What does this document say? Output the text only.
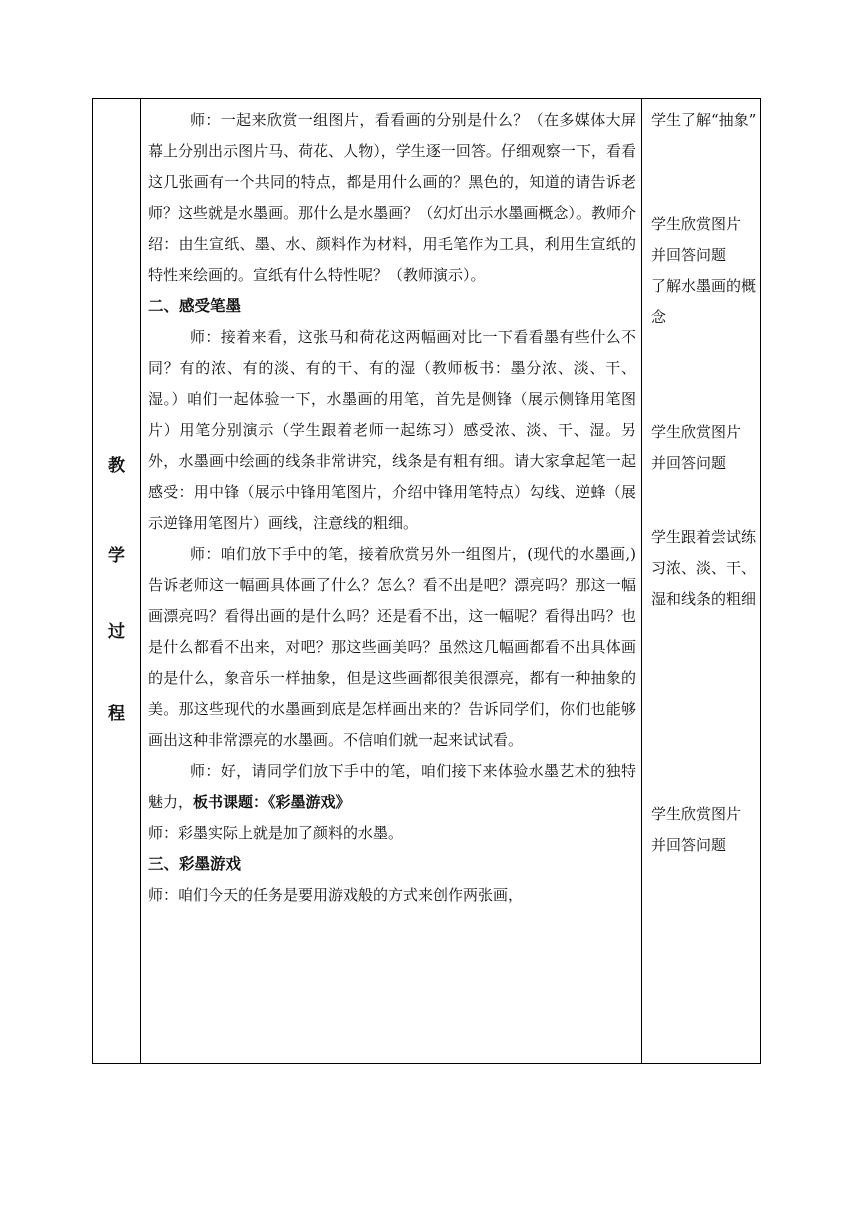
教
学
过
程

师：一起来欣赏一组图片，看看画的分别是什么？（在多媒体大屏幕上分别出示图片马、荷花、人物），学生逐一回答。仔细观察一下，看看这几张画有一个共同的特点，都是用什么画的？黑色的，知道的请告诉老师？这些就是水墨画。那什么是水墨画？（幻灯出示水墨画概念）。教师介绍：由生宣纸、墨、水、颜料作为材料，用毛笔作为工具，利用生宣纸的特性来绘画的。宣纸有什么特性呢？（教师演示）。

二、感受笔墨

师：接着来看，这张马和荷花这两幅画对比一下看看墨有些什么不同？有的浓、有的淡、有的干、有的湿（教师板书：墨分浓、淡、干、湿。）咱们一起体验一下，水墨画的用笔，首先是侧锋（展示侧锋用笔图片）用笔分别演示（学生跟着老师一起练习）感受浓、淡、干、湿。另外，水墨画中绘画的线条非常讲究，线条是有粗有细。请大家拿起笔一起感受：用中锋（展示中锋用笔图片，介绍中锋用笔特点）勾线、逆蜂（展示逆锋用笔图片）画线，注意线的粗细。

师：咱们放下手中的笔，接着欣赏另外一组图片，(现代的水墨画,)告诉老师这一幅画具体画了什么？怎么？看不出是吧？漂亮吗？那这一幅画漂亮吗？看得出画的是什么吗？还是看不出，这一幅呢？看得出吗？也是什么都看不出来，对吧？那这些画美吗？虽然这几幅画都看不出具体画的是什么，象音乐一样抽象，但是这些画都很美很漂亮，都有一种抽象的美。那这些现代的水墨画到底是怎样画出来的？告诉同学们，你们也能够画出这种非常漂亮的水墨画。不信咱们就一起来试试看。

师：好，请同学们放下手中的笔，咱们接下来体验水墨艺术的独特魅力，板书课题：《彩墨游戏》

师：彩墨实际上就是加了颜料的水墨。

三、彩墨游戏

师：咱们今天的任务是要用游戏般的方式来创作两张画，

学生了解“抽象”

学生欣赏图片

并回答问题

了解水墨画的概念

学生欣赏图片

并回答问题

学生跟着尝试练习浓、淡、干、湿和线条的粗细

学生欣赏图片

并回答问题
